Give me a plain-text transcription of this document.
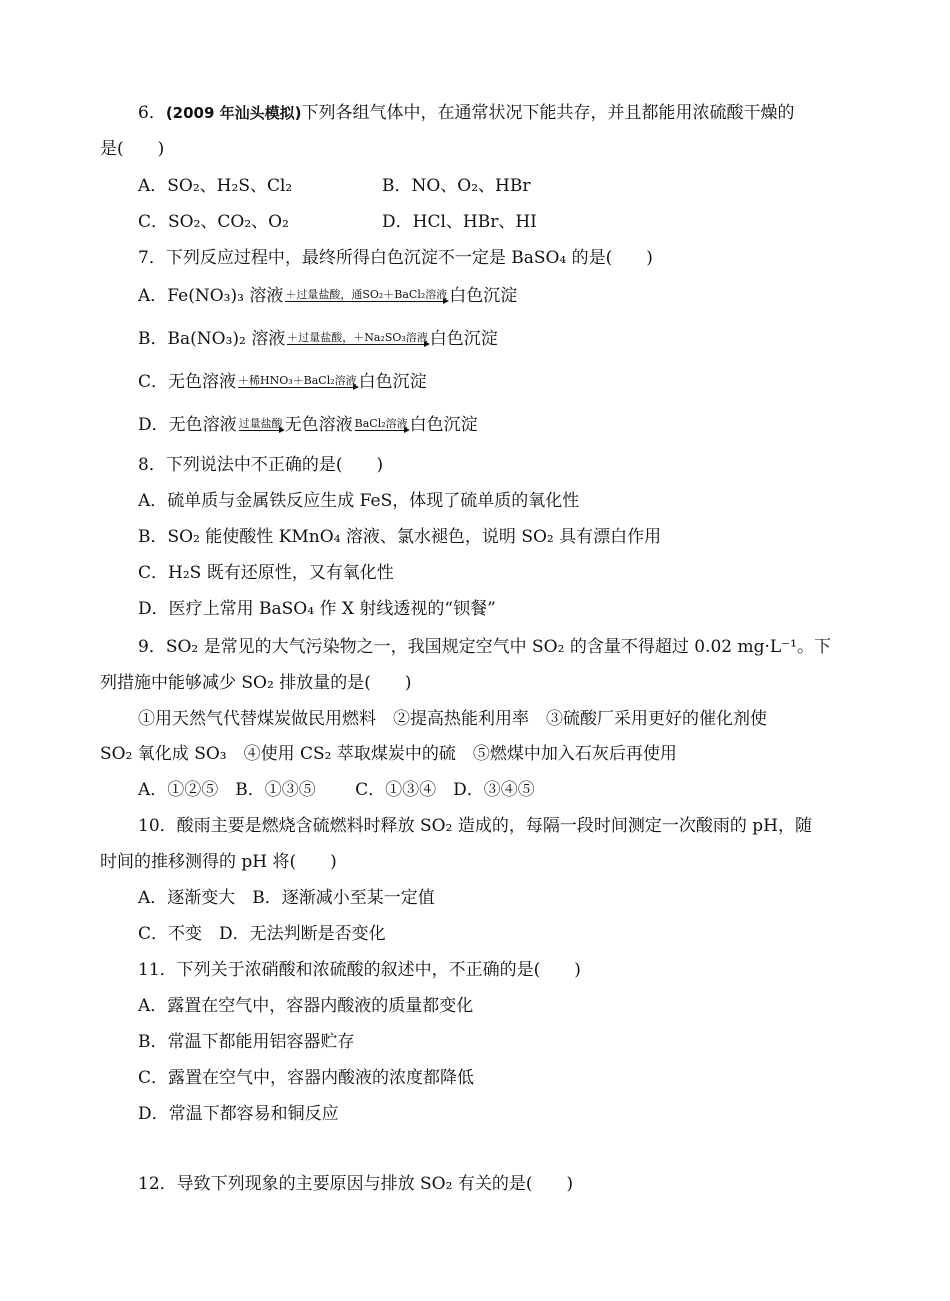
6．(2009 年汕头模拟)下列各组气体中，在通常状况下能共存，并且都能用浓硫酸干燥的
是(　　)
A．SO₂、H₂S、Cl₂	B．NO、O₂、HBr
C．SO₂、CO₂、O₂	D．HCl、HBr、HI
7．下列反应过程中，最终所得白色沉淀不一定是 BaSO₄ 的是(　　)
A．Fe(NO₃)₃ 溶液 ＋过量盐酸，通SO₂＋BaCl₂溶液 白色沉淀
B．Ba(NO₃)₂ 溶液 ＋过量盐酸，＋Na₂SO₃溶液 白色沉淀
C．无色溶液 ＋稀HNO₃＋BaCl₂溶液 白色沉淀
D．无色溶液 过量盐酸 无色溶液 BaCl₂溶液 白色沉淀
8．下列说法中不正确的是(　　)
A．硫单质与金属铁反应生成 FeS，体现了硫单质的氧化性
B．SO₂ 能使酸性 KMnO₄ 溶液、氯水褪色，说明 SO₂ 具有漂白作用
C．H₂S 既有还原性，又有氧化性
D．医疗上常用 BaSO₄ 作 X 射线透视的“钡餐”
9．SO₂ 是常见的大气污染物之一，我国规定空气中 SO₂ 的含量不得超过 0.02 mg·L⁻¹。下
列措施中能够减少 SO₂ 排放量的是(　　)
①用天然气代替煤炭做民用燃料　②提高热能利用率　③硫酸厂采用更好的催化剂使
SO₂ 氧化成 SO₃　④使用 CS₂ 萃取煤炭中的硫　⑤燃煤中加入石灰后再使用
A．①②⑤　B．①③⑤　　 C．①③④　D．③④⑤
10．酸雨主要是燃烧含硫燃料时释放 SO₂ 造成的，每隔一段时间测定一次酸雨的 pH，随
时间的推移测得的 pH 将(　　)
A．逐渐变大　B．逐渐减小至某一定值
C．不变　D．无法判断是否变化
11．下列关于浓硝酸和浓硫酸的叙述中，不正确的是(　　)
A．露置在空气中，容器内酸液的质量都变化
B．常温下都能用铝容器贮存
C．露置在空气中，容器内酸液的浓度都降低
D．常温下都容易和铜反应
12．导致下列现象的主要原因与排放 SO₂ 有关的是(　　)
